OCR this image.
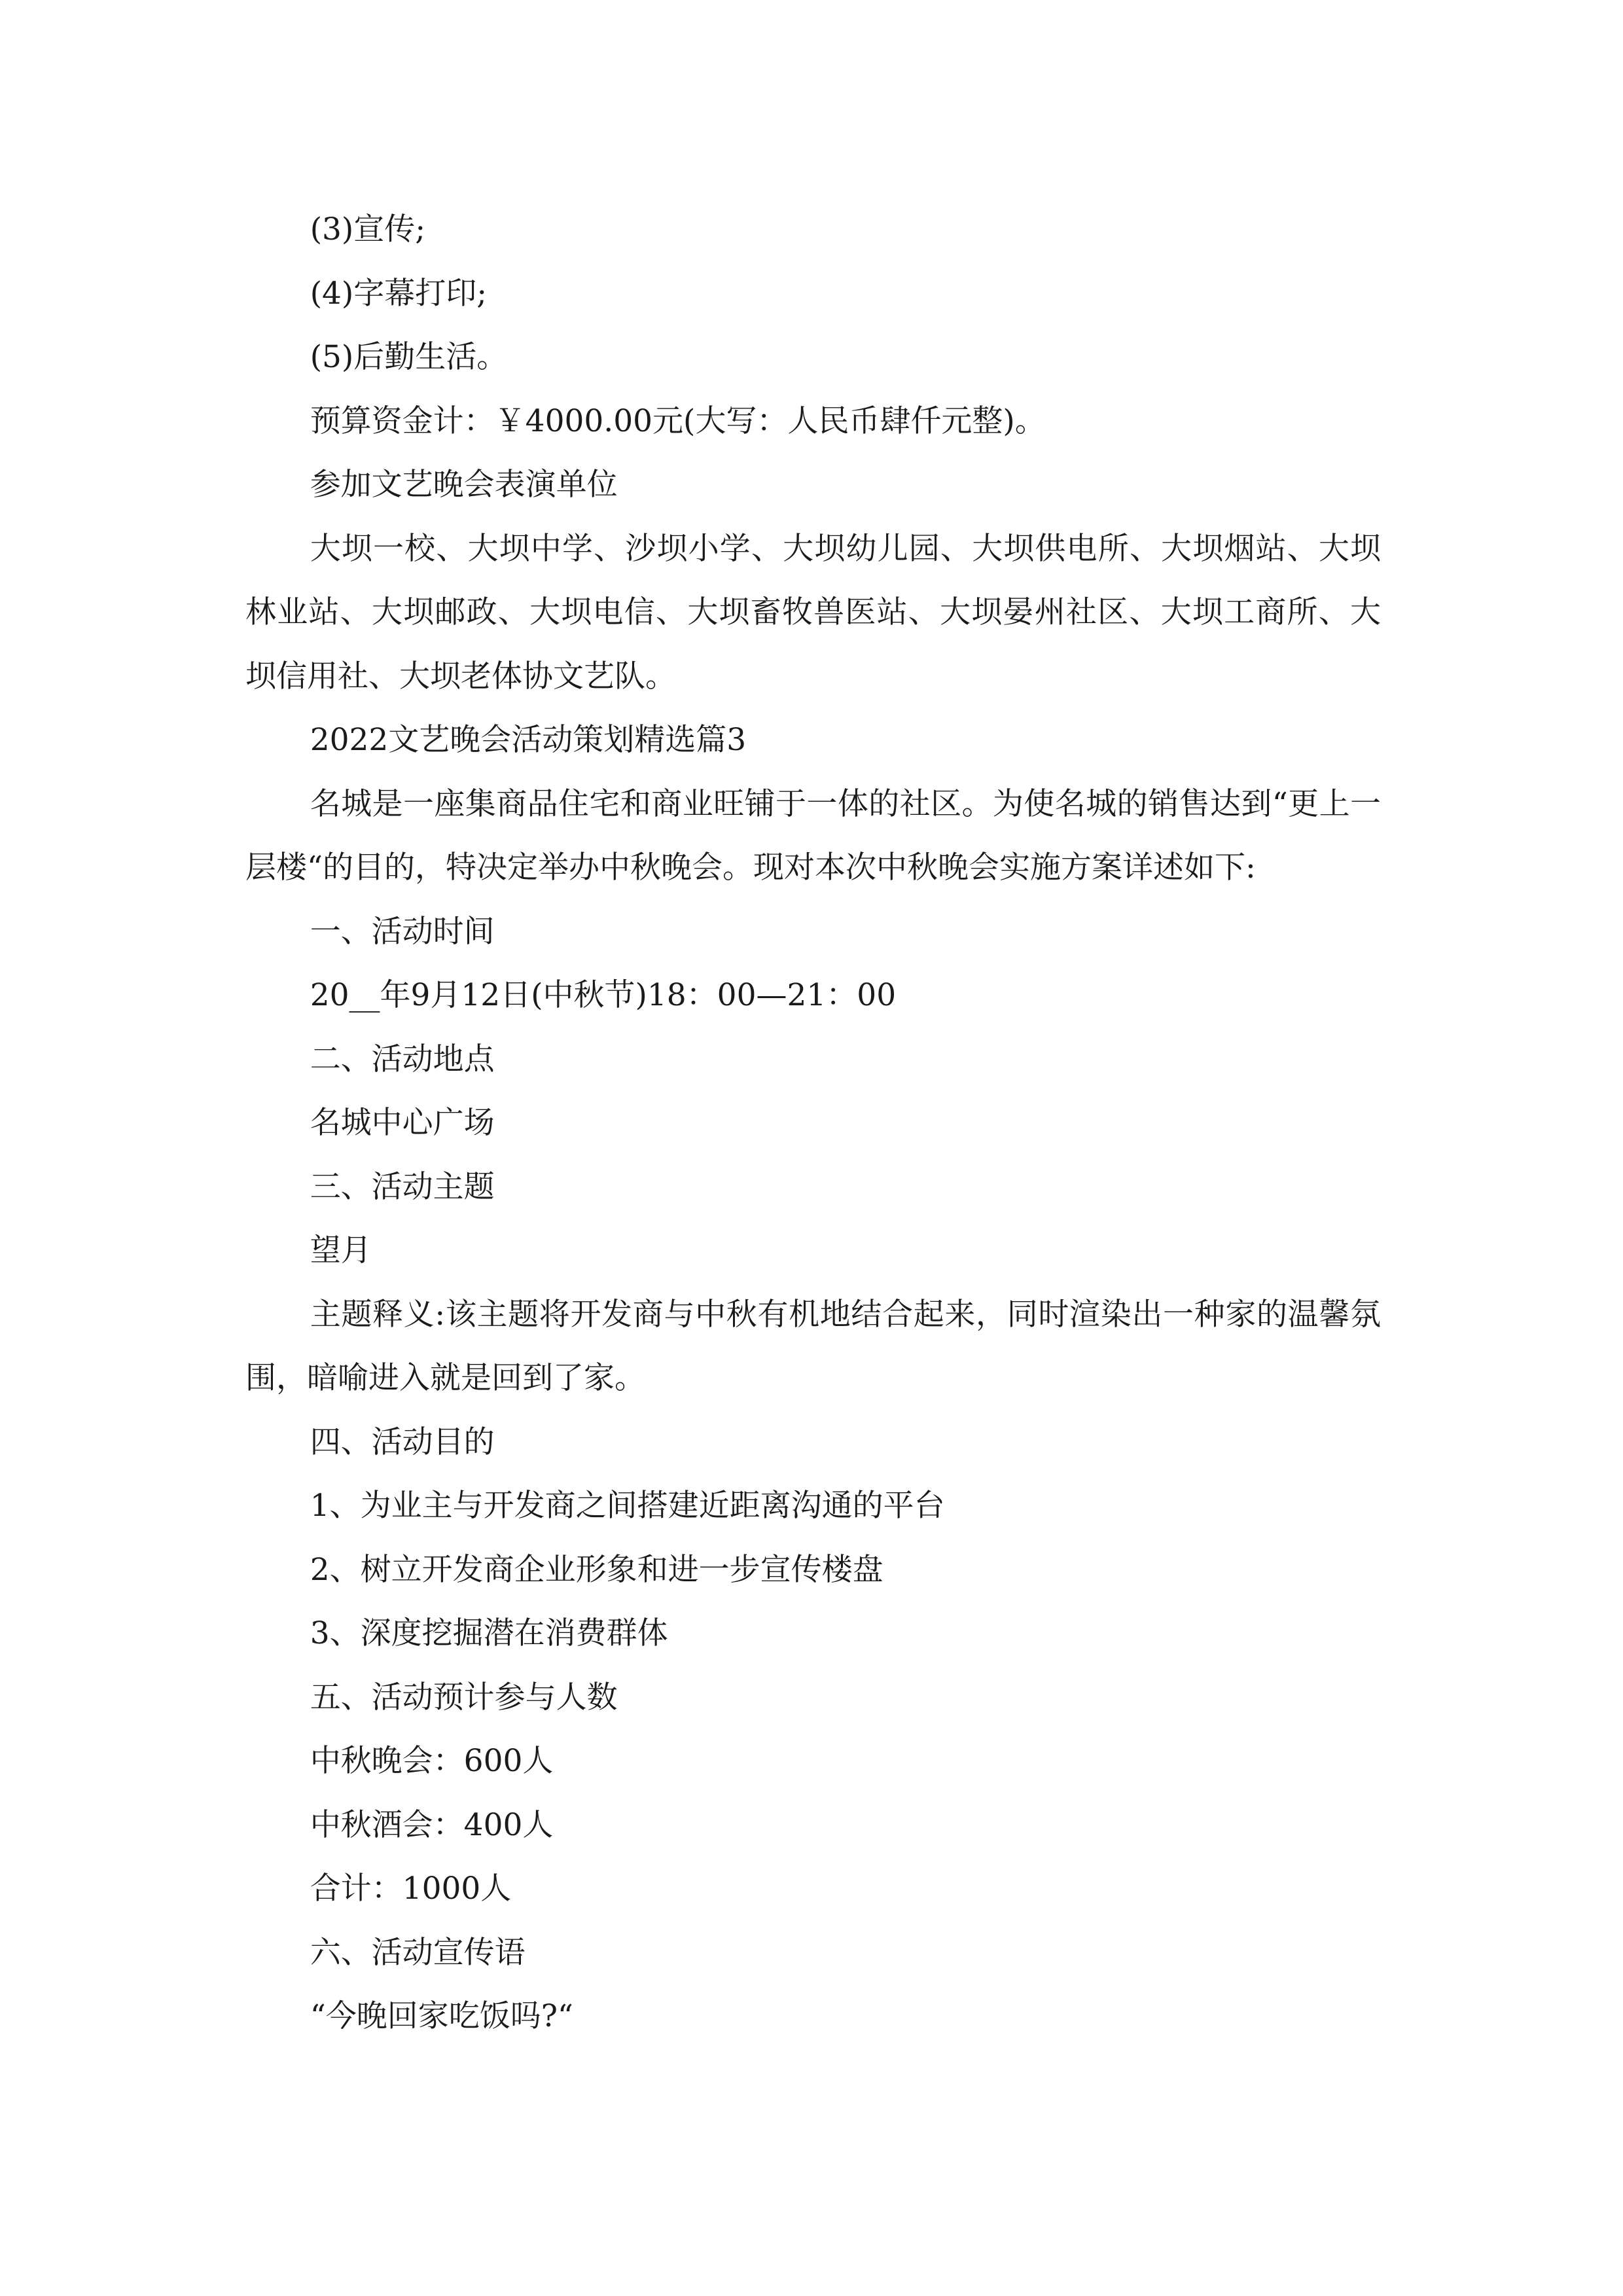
(3)宣传;

(4)字幕打印;

(5)后勤生活。

预算资金计：￥4000.00元(大写：人民币肆仟元整)。

参加文艺晚会表演单位

大坝一校、大坝中学、沙坝小学、大坝幼儿园、大坝供电所、大坝烟站、大坝林业站、大坝邮政、大坝电信、大坝畜牧兽医站、大坝晏州社区、大坝工商所、大坝信用社、大坝老体协文艺队。

2022文艺晚会活动策划精选篇3

名城是一座集商品住宅和商业旺铺于一体的社区。为使名城的销售达到“更上一层楼“的目的，特决定举办中秋晚会。现对本次中秋晚会实施方案详述如下:

一、活动时间

20__年9月12日(中秋节)18：00—21：00

二、活动地点

名城中心广场

三、活动主题

望月

主题释义:该主题将开发商与中秋有机地结合起来，同时渲染出一种家的温馨氛围，暗喻进入就是回到了家。

四、活动目的

1、为业主与开发商之间搭建近距离沟通的平台

2、树立开发商企业形象和进一步宣传楼盘

3、深度挖掘潜在消费群体

五、活动预计参与人数

中秋晚会：600人

中秋酒会：400人

合计：1000人

六、活动宣传语

“今晚回家吃饭吗?“
